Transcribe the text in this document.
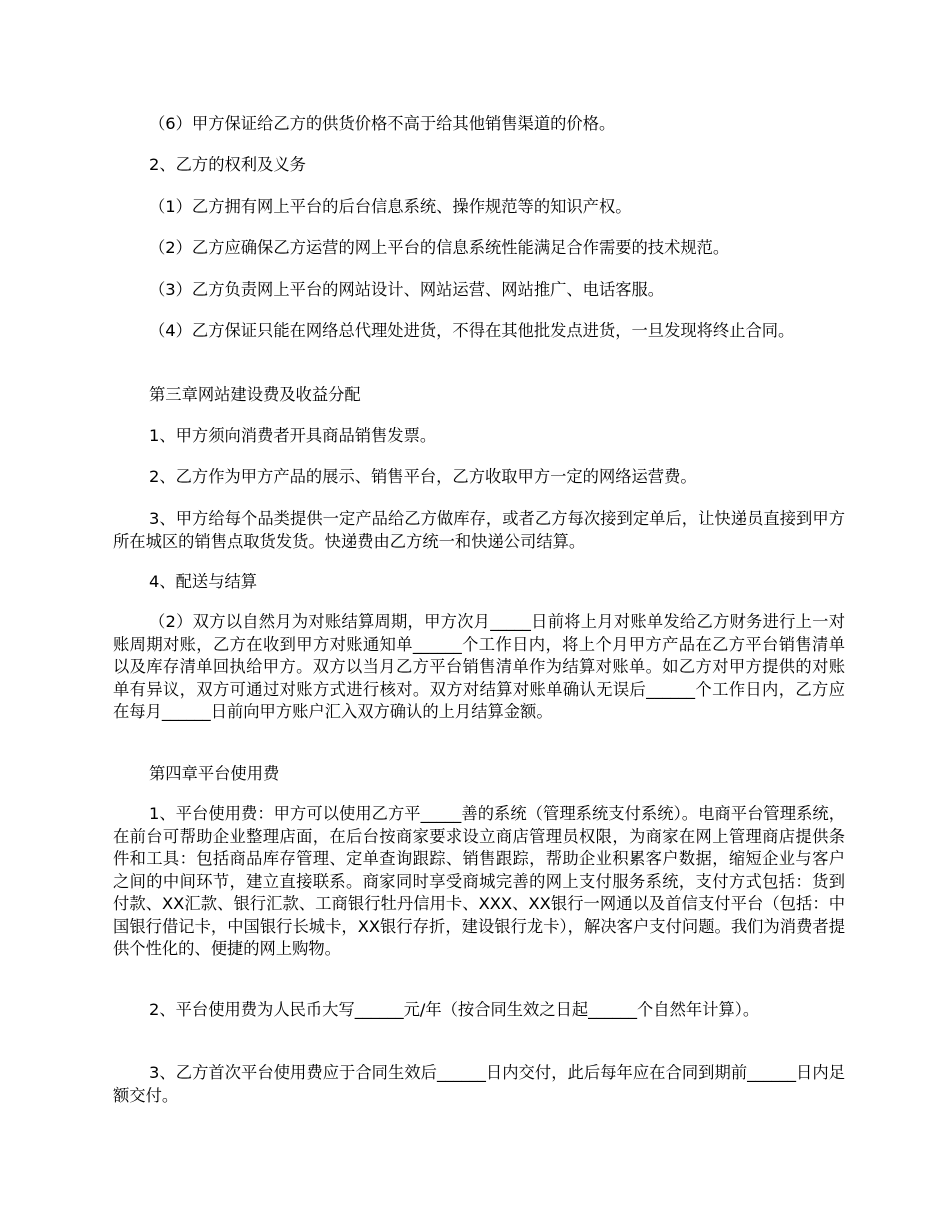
（6）甲方保证给乙方的供货价格不高于给其他销售渠道的价格。

2、乙方的权利及义务

（1）乙方拥有网上平台的后台信息系统、操作规范等的知识产权。

（2）乙方应确保乙方运营的网上平台的信息系统性能满足合作需要的技术规范。

（3）乙方负责网上平台的网站设计、网站运营、网站推广、电话客服。

（4）乙方保证只能在网络总代理处进货，不得在其他批发点进货，一旦发现将终止合同。

第三章网站建设费及收益分配

1、甲方须向消费者开具商品销售发票。

2、乙方作为甲方产品的展示、销售平台，乙方收取甲方一定的网络运营费。

3、甲方给每个品类提供一定产品给乙方做库存，或者乙方每次接到定单后，让快递员直接到甲方所在城区的销售点取货发货。快递费由乙方统一和快递公司结算。

4、配送与结算

（2）双方以自然月为对账结算周期，甲方次月_____日前将上月对账单发给乙方财务进行上一对账周期对账，乙方在收到甲方对账通知单______个工作日内，将上个月甲方产品在乙方平台销售清单以及库存清单回执给甲方。双方以当月乙方平台销售清单作为结算对账单。如乙方对甲方提供的对账单有异议，双方可通过对账方式进行核对。双方对结算对账单确认无误后______个工作日内，乙方应在每月______日前向甲方账户汇入双方确认的上月结算金额。

第四章平台使用费

1、平台使用费：甲方可以使用乙方平_____善的系统（管理系统支付系统）。电商平台管理系统，在前台可帮助企业整理店面，在后台按商家要求设立商店管理员权限，为商家在网上管理商店提供条件和工具：包括商品库存管理、定单查询跟踪、销售跟踪，帮助企业积累客户数据，缩短企业与客户之间的中间环节，建立直接联系。商家同时享受商城完善的网上支付服务系统，支付方式包括：货到付款、XX汇款、银行汇款、工商银行牡丹信用卡、XXX、XX银行一网通以及首信支付平台（包括：中国银行借记卡，中国银行长城卡，XX银行存折，建设银行龙卡），解决客户支付问题。我们为消费者提供个性化的、便捷的网上购物。

2、平台使用费为人民币大写______元/年（按合同生效之日起______个自然年计算）。

3、乙方首次平台使用费应于合同生效后______日内交付，此后每年应在合同到期前______日内足额交付。
